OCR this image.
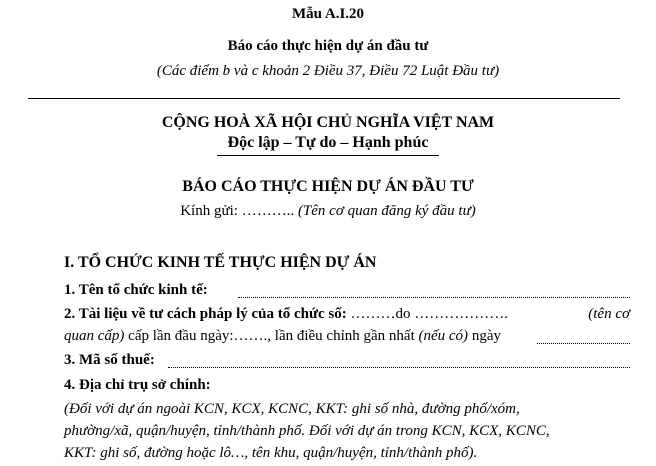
Mẫu A.I.20
Báo cáo thực hiện dự án đầu tư
(Các điểm b và c khoản 2 Điều 37, Điều 72 Luật Đầu tư)
CỘNG HOÀ XÃ HỘI CHỦ NGHĨA VIỆT NAM
Độc lập – Tự do – Hạnh phúc
BÁO CÁO THỰC HIỆN DỰ ÁN ĐẦU TƯ
Kính gửi: ……….. (Tên cơ quan đăng ký đầu tư)
I. TỔ CHỨC KINH TẾ THỰC HIỆN DỰ ÁN
1. Tên tổ chức kinh tế:
2. Tài liệu về tư cách pháp lý của tổ chức số: ………do ……………….	(tên cơ
quan cấp) cấp lần đầu ngày:……., lần điều chỉnh gần nhất (nếu có) ngày
3. Mã số thuế:
4. Địa chỉ trụ sở chính:
(Đối với dự án ngoài KCN, KCX, KCNC, KKT: ghi số nhà, đường phố/xóm,
phường/xã, quận/huyện, tỉnh/thành phố. Đối với dự án trong KCN, KCX, KCNC,
KKT: ghi số, đường hoặc lô…, tên khu, quận/huyện, tỉnh/thành phố).
